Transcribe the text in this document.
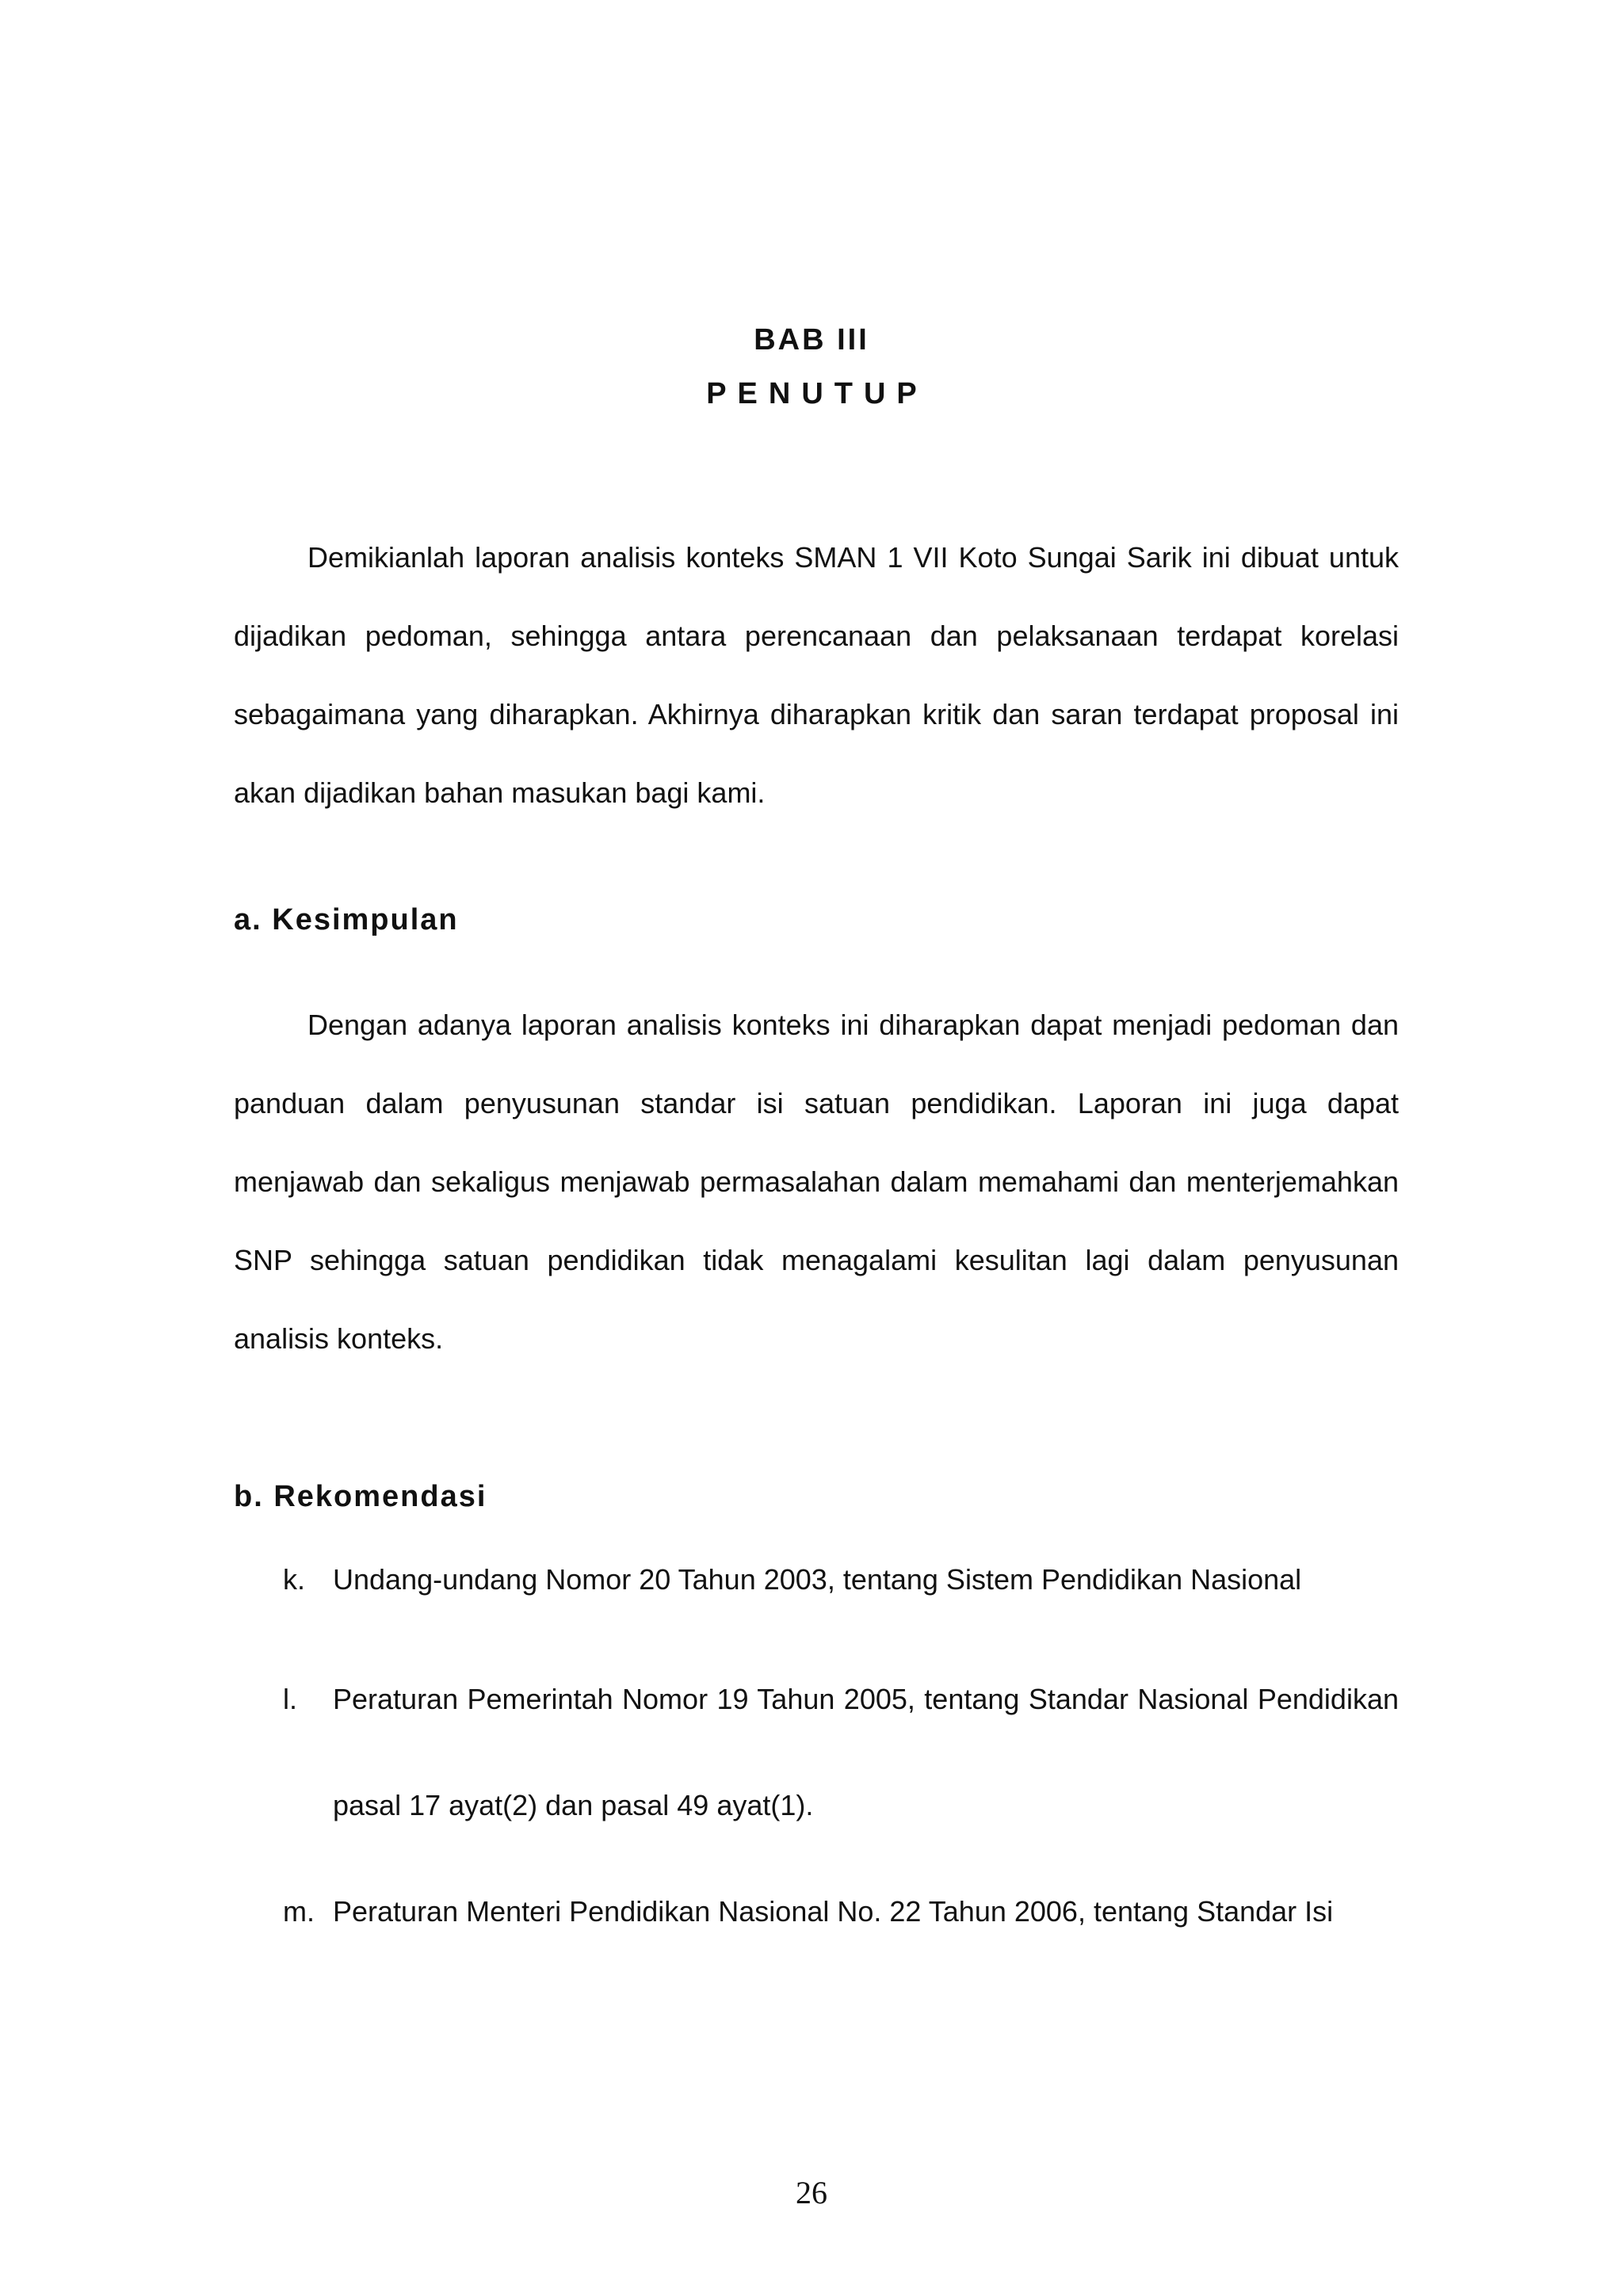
BAB III
PENUTUP

Demikianlah laporan analisis konteks SMAN 1 VII Koto Sungai Sarik ini dibuat untuk dijadikan pedoman, sehingga antara perencanaan dan pelaksanaan terdapat korelasi sebagaimana yang diharapkan. Akhirnya diharapkan kritik dan saran terdapat proposal ini akan dijadikan bahan masukan bagi kami.

a. Kesimpulan

Dengan adanya laporan analisis konteks ini diharapkan dapat menjadi pedoman dan panduan dalam penyusunan standar isi satuan pendidikan. Laporan ini juga dapat menjawab dan sekaligus menjawab permasalahan dalam memahami dan menterjemahkan SNP sehingga satuan pendidikan tidak menagalami kesulitan lagi dalam penyusunan analisis konteks.

b. Rekomendasi
k. Undang-undang Nomor 20 Tahun 2003, tentang Sistem Pendidikan Nasional
l.	Peraturan Pemerintah Nomor 19 Tahun 2005, tentang Standar Nasional Pendidikan pasal 17 ayat(2) dan pasal 49 ayat(1).
m. Peraturan Menteri Pendidikan Nasional No. 22 Tahun 2006, tentang Standar Isi
26
